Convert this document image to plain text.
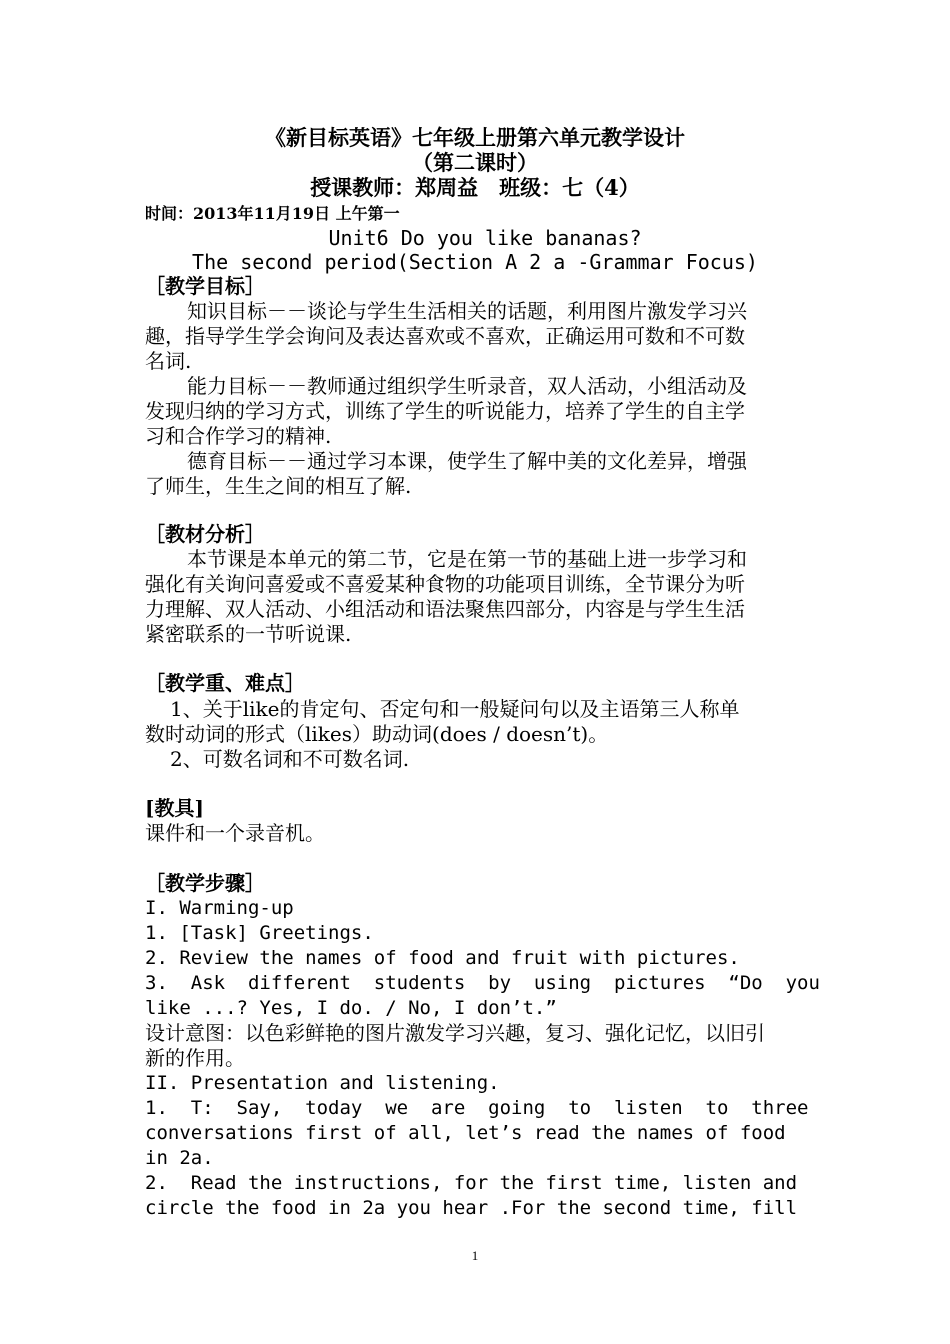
《新目标英语》七年级上册第六单元教学设计
（第二课时）
授课教师：郑周益　班级：七（4）
时间：2013年11月19日 上午第一
Unit6 Do you like bananas?
The second period(Section A 2 a -Grammar Focus)
［教学目标］
知识目标－－谈论与学生生活相关的话题，利用图片激发学习兴
趣，指导学生学会询问及表达喜欢或不喜欢，正确运用可数和不可数
名词.
能力目标－－教师通过组织学生听录音，双人活动，小组活动及
发现归纳的学习方式，训练了学生的听说能力，培养了学生的自主学
习和合作学习的精神.
德育目标－－通过学习本课，使学生了解中美的文化差异，增强
了师生，生生之间的相互了解.
［教材分析］
本节课是本单元的第二节，它是在第一节的基础上进一步学习和
强化有关询问喜爱或不喜爱某种食物的功能项目训练，全节课分为听
力理解、双人活动、小组活动和语法聚焦四部分，内容是与学生生活
紧密联系的一节听说课.
［教学重、难点］
1、关于like的肯定句、否定句和一般疑问句以及主语第三人称单
数时动词的形式（likes）助动词(does / doesn’t)。
2、可数名词和不可数名词.
[教具]
课件和一个录音机。
［教学步骤］
I. Warming-up
1. [Task] Greetings.
2. Review the names of food and fruit with pictures.
3.  Ask  different  students  by  using  pictures  “Do  you
like ...? Yes, I do. / No, I don’t.”
设计意图：以色彩鲜艳的图片激发学习兴趣，复习、强化记忆，以旧引
新的作用。
II. Presentation and listening.
1.  T:  Say,  today  we  are  going  to  listen  to  three
conversations first of all, let’s read the names of food
in 2a.
2.  Read the instructions, for the first time, listen and
circle the food in 2a you hear .For the second time, fill
1
